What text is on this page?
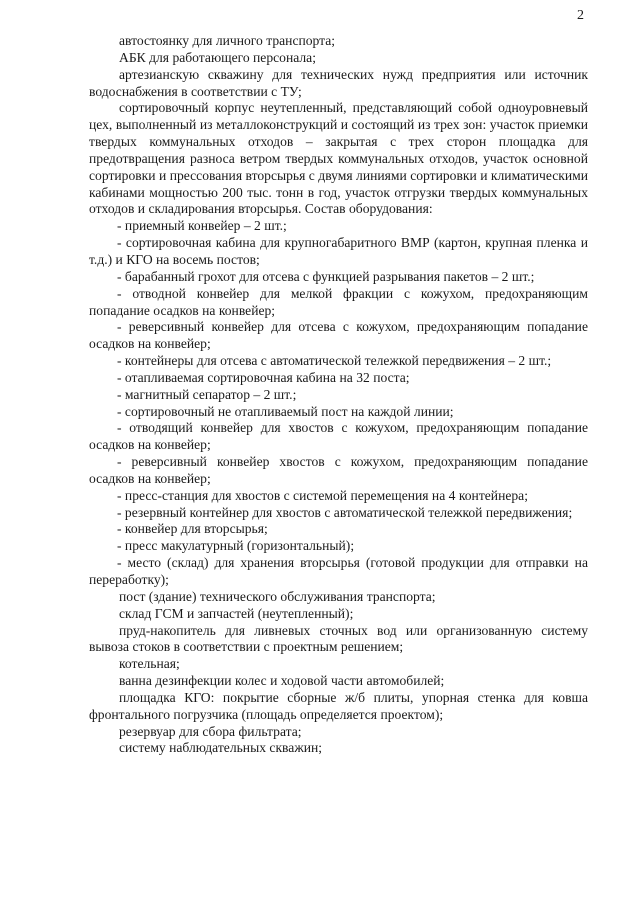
2

автостоянку для личного транспорта;

АБК для работающего персонала;

артезианскую скважину для технических нужд предприятия или источник водоснабжения в соответствии с ТУ;

сортировочный корпус неутепленный, представляющий собой одноуровневый цех, выполненный из металлоконструкций и состоящий из трех зон: участок приемки твердых коммунальных отходов – закрытая с трех сторон площадка для предотвращения разноса ветром твердых коммунальных отходов, участок основной сортировки и прессования вторсырья с двумя линиями сортировки и климатическими кабинами мощностью 200 тыс. тонн в год, участок отгрузки твердых коммунальных отходов и складирования вторсырья. Состав оборудования:

- приемный конвейер – 2 шт.;

- сортировочная кабина для крупногабаритного ВМР (картон, крупная пленка и т.д.) и КГО на восемь постов;

- барабанный грохот для отсева с функцией разрывания пакетов – 2 шт.;

- отводной конвейер для мелкой фракции с кожухом, предохраняющим попадание осадков на конвейер;

- реверсивный конвейер для отсева с кожухом, предохраняющим попадание осадков на конвейер;

- контейнеры для отсева с автоматической тележкой передвижения – 2 шт.;

- отапливаемая сортировочная кабина на 32 поста;

- магнитный сепаратор – 2 шт.;

- сортировочный не отапливаемый пост на каждой линии;

- отводящий конвейер для хвостов с кожухом, предохраняющим попадание осадков на конвейер;

- реверсивный конвейер хвостов с кожухом, предохраняющим попадание осадков на конвейер;

- пресс-станция для хвостов с системой перемещения на 4 контейнера;

- резервный контейнер для хвостов с автоматической тележкой передвижения;

- конвейер для вторсырья;

- пресс макулатурный (горизонтальный);

- место (склад) для хранения вторсырья (готовой продукции для отправки на переработку);

пост (здание) технического обслуживания транспорта;

склад ГСМ и запчастей (неутепленный);

пруд-накопитель для ливневых сточных вод или организованную систему вывоза стоков в соответствии с проектным решением;

котельная;

ванна дезинфекции колес и ходовой части автомобилей;

площадка КГО: покрытие сборные ж/б плиты, упорная стенка для ковша фронтального погрузчика (площадь определяется проектом);

резервуар для сбора фильтрата;

систему наблюдательных скважин;
